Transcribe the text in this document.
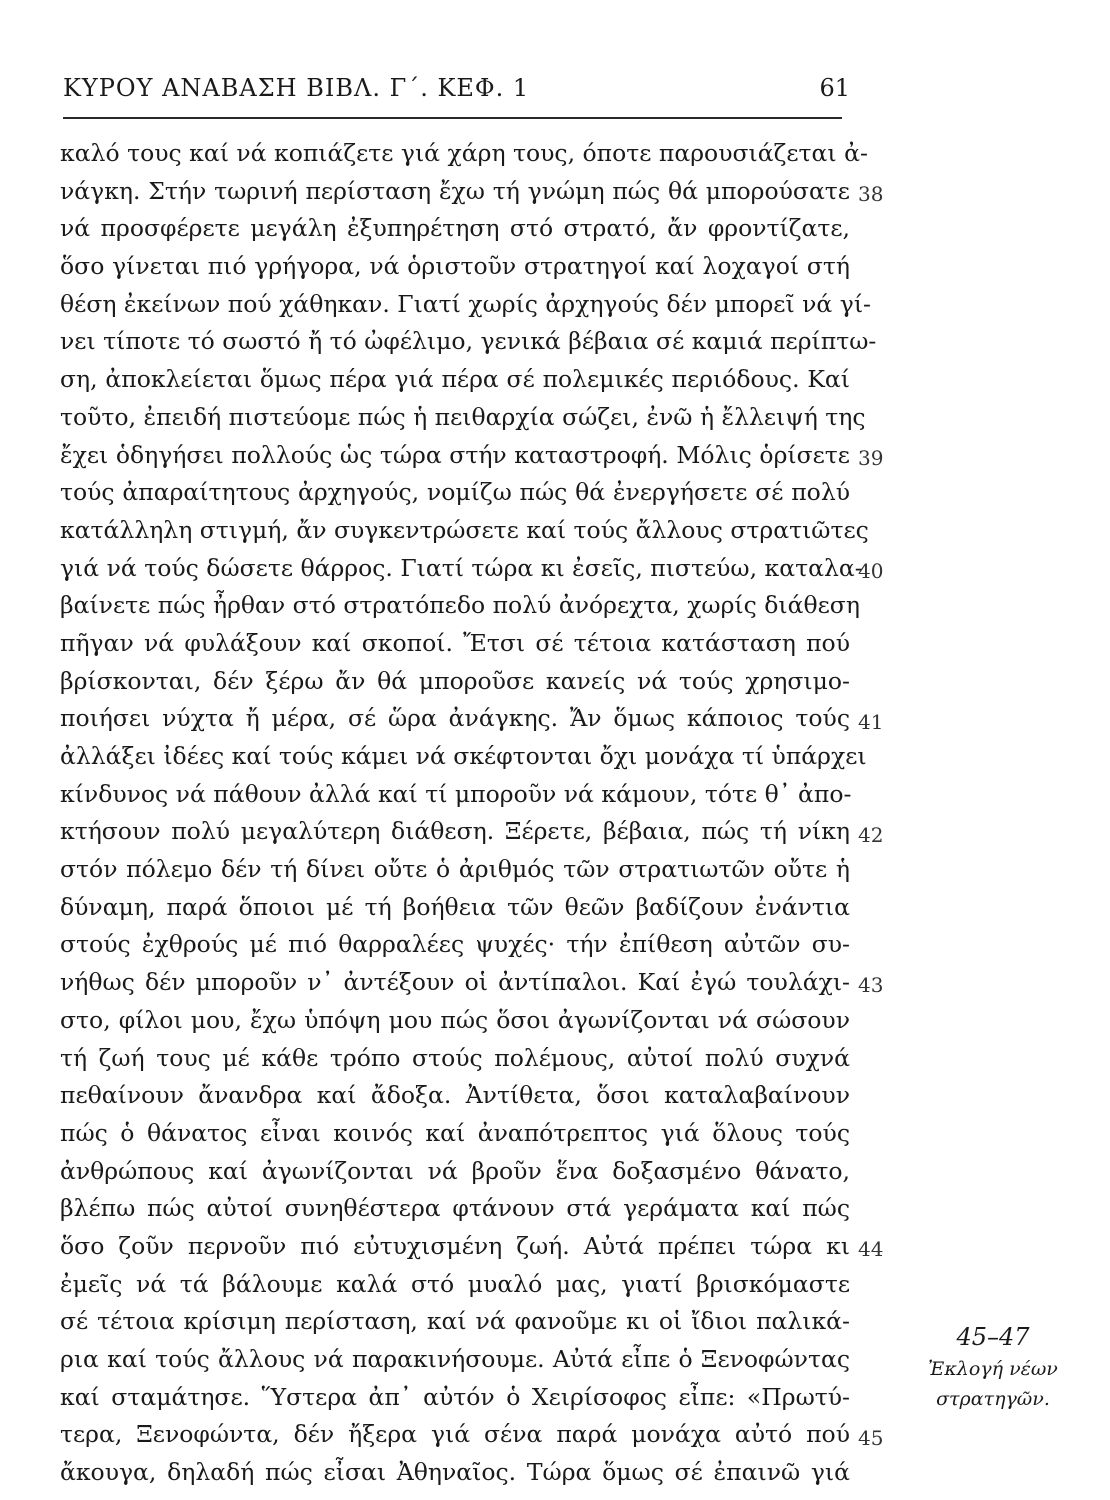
ΚΥΡΟΥ ΑΝΑΒΑΣΗ ΒΙΒΛ. Γ΄. ΚΕΦ. 1	61
καλό τους καί νά κοπιάζετε γιά χάρη τους, όποτε παρουσιάζεται ἀ-
νάγκη. Στήν τωρινή περίσταση ἔχω τή γνώμη πώς θά μπορούσατε
νά προσφέρετε μεγάλη ἐξυπηρέτηση στό στρατό, ἄν φροντίζατε,
ὅσο γίνεται πιό γρήγορα, νά ὁριστοῦν στρατηγοί καί λοχαγοί στή
θέση ἐκείνων πού χάθηκαν. Γιατί χωρίς ἀρχηγούς δέν μπορεῖ νά γί-
νει τίποτε τό σωστό ἤ τό ὠφέλιμο, γενικά βέβαια σέ καμιά περίπτω-
ση, ἀποκλείεται ὅμως πέρα γιά πέρα σέ πολεμικές περιόδους. Καί
τοῦτο, ἐπειδή πιστεύομε πώς ἡ πειθαρχία σώζει, ἐνῶ ἡ ἔλλειψή της
ἔχει ὁδηγήσει πολλούς ὡς τώρα στήν καταστροφή. Μόλις ὁρίσετε
τούς ἀπαραίτητους ἀρχηγούς, νομίζω πώς θά ἐνεργήσετε σέ πολύ
κατάλληλη στιγμή, ἄν συγκεντρώσετε καί τούς ἄλλους στρατιῶτες
γιά νά τούς δώσετε θάρρος. Γιατί τώρα κι ἐσεῖς, πιστεύω, καταλα-
βαίνετε πώς ἦρθαν στό στρατόπεδο πολύ ἀνόρεχτα, χωρίς διάθεση
πῆγαν νά φυλάξουν καί σκοποί. Ἔτσι σέ τέτοια κατάσταση πού
βρίσκονται, δέν ξέρω ἄν θά μποροῦσε κανείς νά τούς χρησιμο-
ποιήσει νύχτα ἤ μέρα, σέ ὥρα ἀνάγκης. Ἄν ὅμως κάποιος τούς
ἀλλάξει ἰδέες καί τούς κάμει νά σκέφτονται ὄχι μονάχα τί ὑπάρχει
κίνδυνος νά πάθουν ἀλλά καί τί μποροῦν νά κάμουν, τότε θ᾽ ἀπο-
κτήσουν πολύ μεγαλύτερη διάθεση. Ξέρετε, βέβαια, πώς τή νίκη
στόν πόλεμο δέν τή δίνει οὔτε ὁ ἀριθμός τῶν στρατιωτῶν οὔτε ἡ
δύναμη, παρά ὅποιοι μέ τή βοήθεια τῶν θεῶν βαδίζουν ἐνάντια
στούς ἐχθρούς μέ πιό θαρραλέες ψυχές· τήν ἐπίθεση αὐτῶν συ-
νήθως δέν μποροῦν ν᾽ ἀντέξουν οἱ ἀντίπαλοι. Καί ἐγώ τουλάχι-
στο, φίλοι μου, ἔχω ὑπόψη μου πώς ὅσοι ἀγωνίζονται νά σώσουν
τή ζωή τους μέ κάθε τρόπο στούς πολέμους, αὐτοί πολύ συχνά
πεθαίνουν ἄνανδρα καί ἄδοξα. Ἀντίθετα, ὅσοι καταλαβαίνουν
πώς ὁ θάνατος εἶναι κοινός καί ἀναπότρεπτος γιά ὅλους τούς
ἀνθρώπους καί ἀγωνίζονται νά βροῦν ἕνα δοξασμένο θάνατο,
βλέπω πώς αὐτοί συνηθέστερα φτάνουν στά γεράματα καί πώς
ὅσο ζοῦν περνοῦν πιό εὐτυχισμένη ζωή. Αὐτά πρέπει τώρα κι
ἐμεῖς νά τά βάλουμε καλά στό μυαλό μας, γιατί βρισκόμαστε
σέ τέτοια κρίσιμη περίσταση, καί νά φανοῦμε κι οἱ ἴδιοι παλικά-
ρια καί τούς ἄλλους νά παρακινήσουμε. Αὐτά εἶπε ὁ Ξενοφώντας
καί σταμάτησε. Ὕστερα ἀπ᾽ αὐτόν ὁ Χειρίσοφος εἶπε: «Πρωτύ-
τερα, Ξενοφώντα, δέν ἤξερα γιά σένα παρά μονάχα αὐτό πού
ἄκουγα, δηλαδή πώς εἶσαι Ἀθηναῖος. Τώρα ὅμως σέ ἐπαινῶ γιά
38
39
40
41
42
43
44
45
45–47
Ἐκλογή νέων
στρατηγῶν.
